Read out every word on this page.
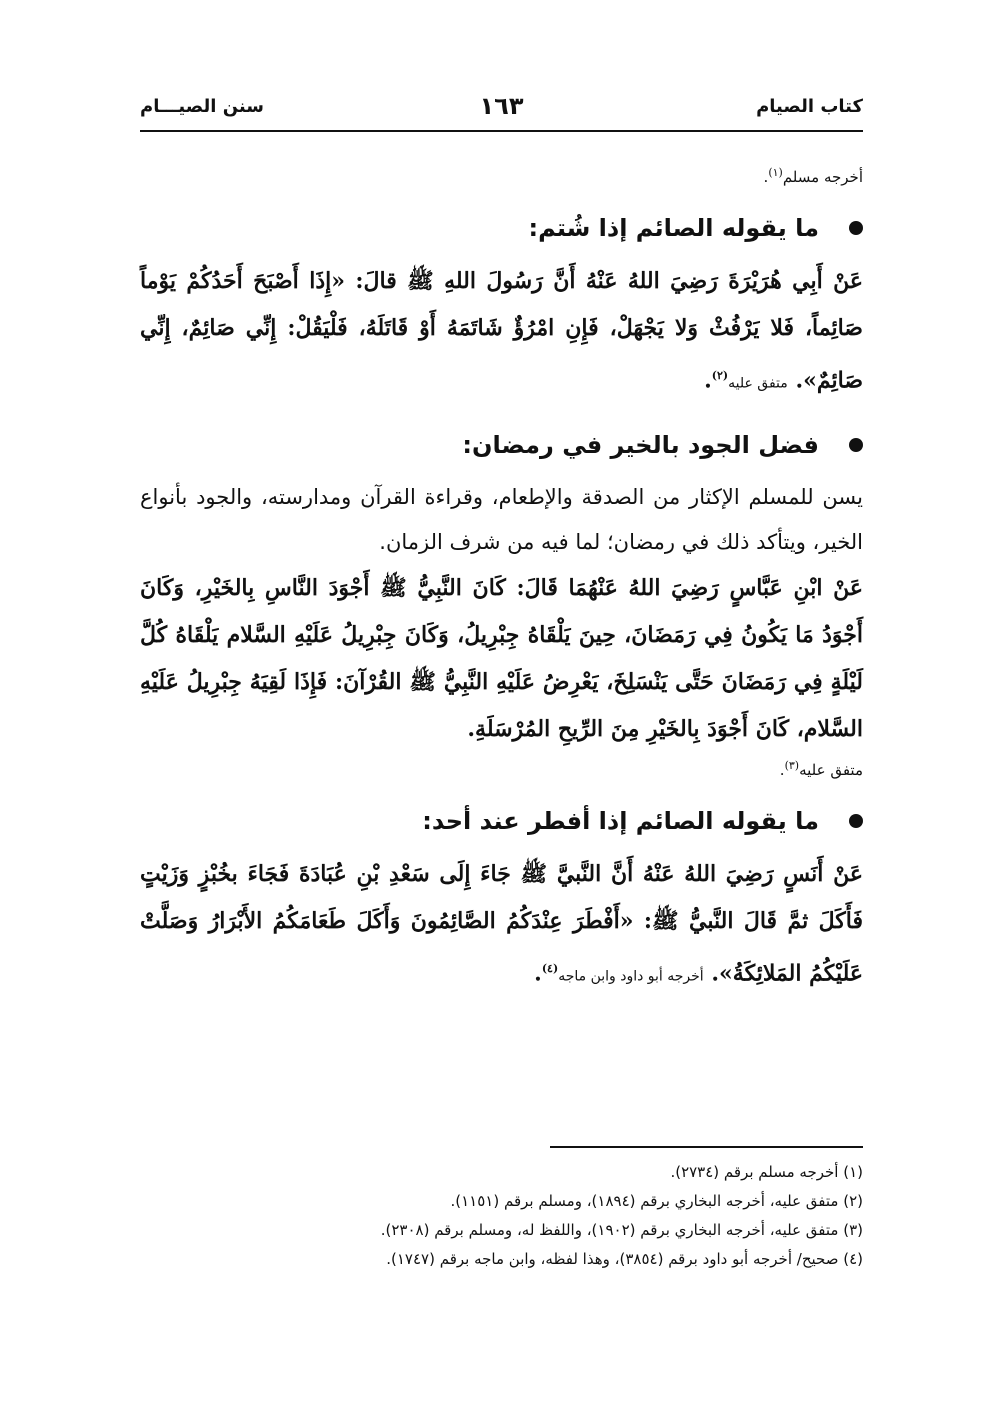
كتاب الصيام
١٦٣
سنن الصيـــام
أخرجه مسلم$^{(١)}$.
ما يقوله الصائم إذا شُتم:

عَنْ أَبِي هُرَيْرَةَ رَضِيَ اللهُ عَنْهُ أَنَّ رَسُولَ اللهِ ﷺ قالَ: «إِذَا أَصْبَحَ أَحَدُكُمْ يَوْماً صَائِماً، فَلا يَرْفُثْ وَلا يَجْهَلْ، فَإِنِ امْرُؤٌ شَاتَمَهُ أَوْ قَاتَلَهُ، فَلْيَقُلْ: إِنِّي صَائِمٌ، إِنِّي صَائِمٌ». متفق عليه$^{(٢)}$.

فضل الجود بالخير في رمضان:

يسن للمسلم الإكثار من الصدقة والإطعام، وقراءة القرآن ومدارسته، والجود بأنواع الخير، ويتأكد ذلك في رمضان؛ لما فيه من شرف الزمان.

عَنْ ابْنِ عَبَّاسٍ رَضِيَ اللهُ عَنْهُمَا قَالَ: كَانَ النَّبِيُّ ﷺ أَجْوَدَ النَّاسِ بِالخَيْرِ، وَكَانَ أَجْوَدُ مَا يَكُونُ فِي رَمَضَانَ، حِينَ يَلْقَاهُ جِبْرِيلُ، وَكَانَ جِبْرِيلُ عَلَيْهِ السَّلام يَلْقَاهُ كُلَّ لَيْلَةٍ فِي رَمَضَانَ حَتَّى يَنْسَلِخَ، يَعْرِضُ عَلَيْهِ النَّبِيُّ ﷺ القُرْآنَ: فَإِذَا لَقِيَهُ جِبْرِيلُ عَلَيْهِ السَّلام، كَانَ أَجْوَدَ بِالخَيْرِ مِنَ الرِّيحِ المُرْسَلَةِ.

متفق عليه$^{(٣)}$.
ما يقوله الصائم إذا أفطر عند أحد:

عَنْ أَنَسٍ رَضِيَ اللهُ عَنْهُ أَنَّ النَّبيَّ ﷺ جَاءَ إِلَى سَعْدِ بْنِ عُبَادَةَ فَجَاءَ بخُبْزٍ وَزَيْتٍ فَأَكَلَ ثمَّ قَالَ النَّبيُّ ﷺ: «أَفْطَرَ عِنْدَكُمُ الصَّائِمُونَ وَأَكَلَ طَعَامَكُمُ الأَبْرَارُ وَصَلَّتْ عَلَيْكُمُ المَلائِكَةُ». أخرجه أبو داود وابن ماجه$^{(٤)}$.

(١) أخرجه مسلم برقم (٢٧٣٤).
(٢) متفق عليه، أخرجه البخاري برقم (١٨٩٤)، ومسلم برقم (١١٥١).
(٣) متفق عليه، أخرجه البخاري برقم (١٩٠٢)، واللفظ له، ومسلم برقم (٢٣٠٨).
(٤) صحيح/ أخرجه أبو داود برقم (٣٨٥٤)، وهذا لفظه، وابن ماجه برقم (١٧٤٧).
